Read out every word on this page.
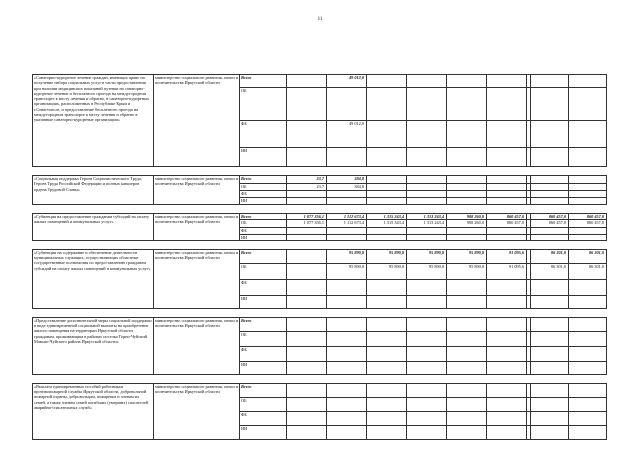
11
«Санаторно-курортное лечение граждан, имеющих право на получение набора социальных услуг в части предоставления при наличии медицинских показаний путевки на санаторно-курортное лечение и бесплатного проезда на междугородном транспорте к месту лечения и обратно, в санаторно-курортных организациях, расположенных в Республике Крым и г.Севастополе, и предоставление бесплатного проезда на междугородном транспорте к месту лечения и обратно в указанные санаторно-курортные организации»	министерство социального развития, опеки и попечительства Иркутской области	Всего		49 012,0							
		ОБ									
		ФБ		49 012,0							
		ИИ									

«Социальная поддержка Героев Социалистического Труда, Героев Труда Российской Федерации и полных кавалеров ордена Трудовой Славы»	министерство социального развития, опеки и попечительства Иркутской области	Всего	23,7	384,8							
		ОБ	23,7	384,8							
		ФБ									
		ИИ									

«Субвенция на предоставление гражданам субсидий на оплату жилых помещений и коммунальных услуг»	министерство социального развития, опеки и попечительства Иркутской области	Всего	1 077 356,1	1 112 673,4	1 315 343,4	1 313 243,4	908 260,0	860 457,0		860 457,0	860 457,0
		ОБ	1 077 356,1	1 112 673,4	1 315 343,4	1 313 243,4	908 260,0	860 457,0		860 457,0	860 457,0
		ФБ									
		ИИ									

«Субвенции на содержание и обеспечение деятельности муниципальных служащих, осуществляющих областные государственные полномочия по предоставлению гражданам субсидий на оплату жилых помещений и коммунальных услуг»	министерство социального развития, опеки и попечительства Иркутской области	Всего		95 890,0	95 890,0	95 890,0	95 890,0	91 095,6		86 301,0	86 301,0
		ОБ		95 890,0	95 890,0	95 890,0	95 890,0	91 095,6		86 301,0	86 301,0
		ФБ									
		ИИ									

«Предоставление дополнительной меры социальной поддержки в виде единовременной социальной выплаты на приобретение жилого помещения на территории Иркутской области гражданам, проживающим в районах поселка Горно-Чуйский Мамско-Чуйского района Иркутской области»	министерство социального развития, опеки и попечительства Иркутской области	Всего									
		ОБ									
		ФБ									
		ИИ									

«Выплата единовременных пособий работникам противопожарной службы Иркутской области, добровольной пожарной охраны, добровольцам, пожарным и членам их семей, а также членам семей погибших (умерших) спасателей аварийно-спасательных служб»	министерство социального развития, опеки и попечительства Иркутской области	Всего									
		ОБ									
		ФБ									
		ИИ									
